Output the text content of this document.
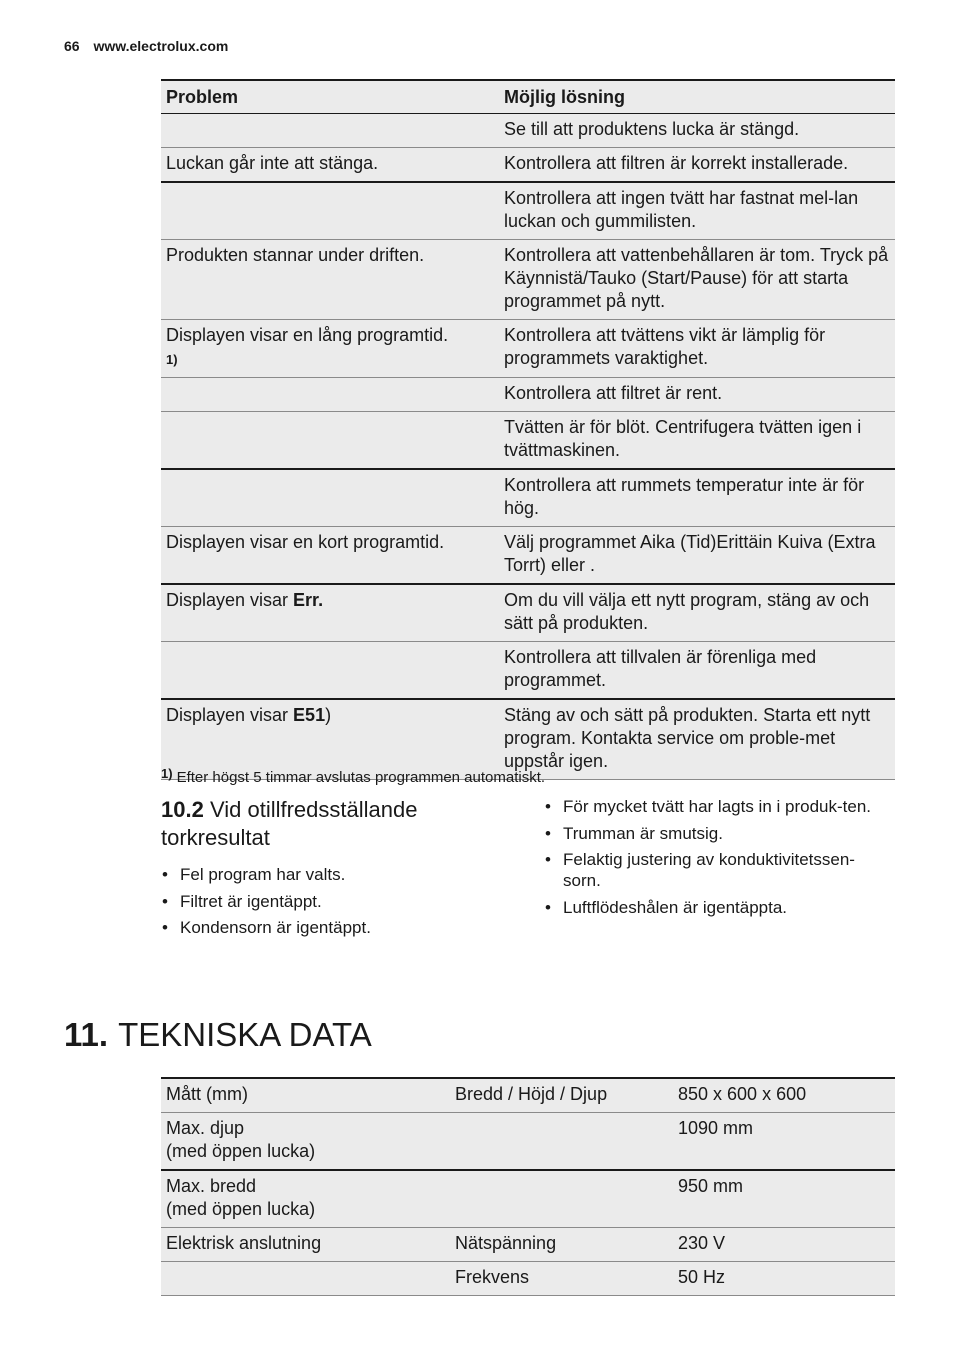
66 www.electrolux.com
Problem	Möjlig lösning
	Se till att produktens lucka är stängd.
Luckan går inte att stänga.	Kontrollera att filtren är korrekt installerade.
	Kontrollera att ingen tvätt har fastnat mel-lan luckan och gummilisten.
Produkten stannar under driften.	Kontrollera att vattenbehållaren är tom. Tryck på Käynnistä/Tauko (Start/Pause) för att starta programmet på nytt.
Displayen visar en lång programtid.
1)	Kontrollera att tvättens vikt är lämplig för programmets varaktighet.
	Kontrollera att filtret är rent.
	Tvätten är för blöt. Centrifugera tvätten igen i tvättmaskinen.
	Kontrollera att rummets temperatur inte är för hög.
Displayen visar en kort programtid.	Välj programmet Aika (Tid)Erittäin Kuiva (Extra Torrt) eller .
Displayen visar Err.	Om du vill välja ett nytt program, stäng av och sätt på produkten.
	Kontrollera att tillvalen är förenliga med programmet.
Displayen visar E51)	Stäng av och sätt på produkten. Starta ett nytt program. Kontakta service om proble-met uppstår igen.
1) Efter högst 5 timmar avslutas programmen automatiskt.
10.2 Vid otillfredsställande torkresultat
• Fel program har valts.
• Filtret är igentäppt.
• Kondensorn är igentäppt.
• För mycket tvätt har lagts in i produk-ten.
• Trumman är smutsig.
• Felaktig justering av konduktivitetssen-sorn.
• Luftflödeshålen är igentäppta.
11. TEKNISKA DATA
Mått (mm)	Bredd / Höjd / Djup	850 x 600 x 600
Max. djup
(med öppen lucka)		1090 mm
Max. bredd
(med öppen lucka)		950 mm
Elektrisk anslutning	Nätspänning	230 V
	Frekvens	50 Hz
